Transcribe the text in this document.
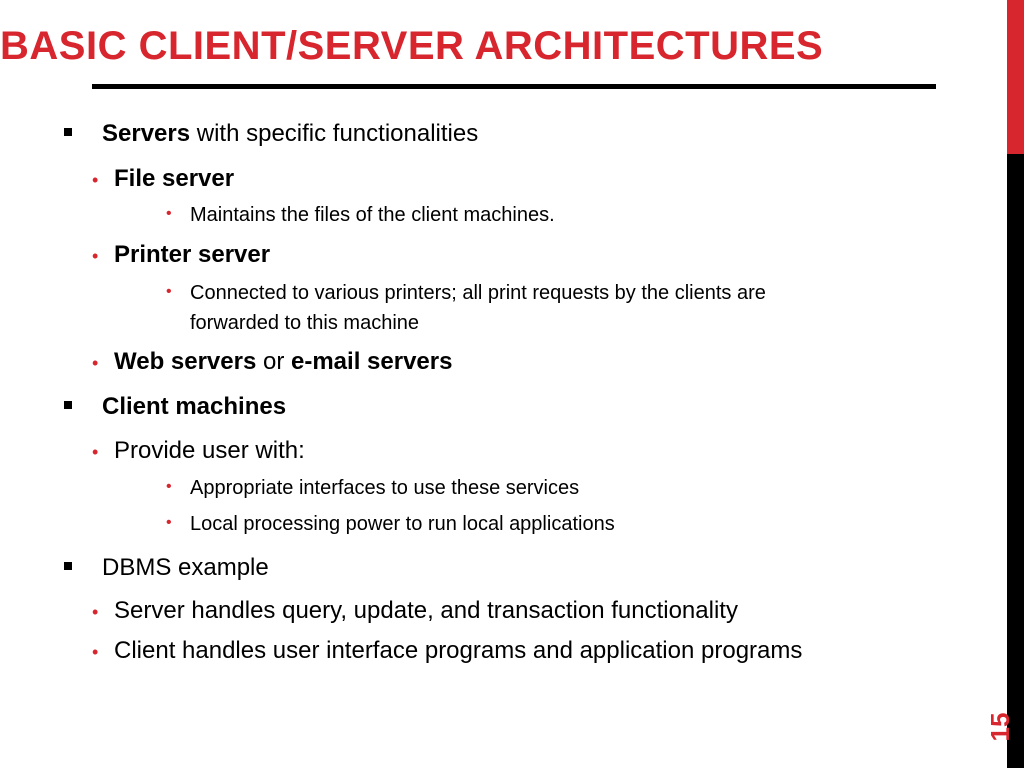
BASIC CLIENT/SERVER ARCHITECTURES
15
Servers with specific functionalities
• File server
• Maintains the files of the client machines.
• Printer server
• Connected to various printers; all print requests by the clients are
forwarded to this machine
• Web servers or e-mail servers
Client machines
• Provide user with:
• Appropriate interfaces to use these services
• Local processing power to run local applications
DBMS example
• Server handles query, update, and transaction functionality
• Client handles user interface programs and application programs
